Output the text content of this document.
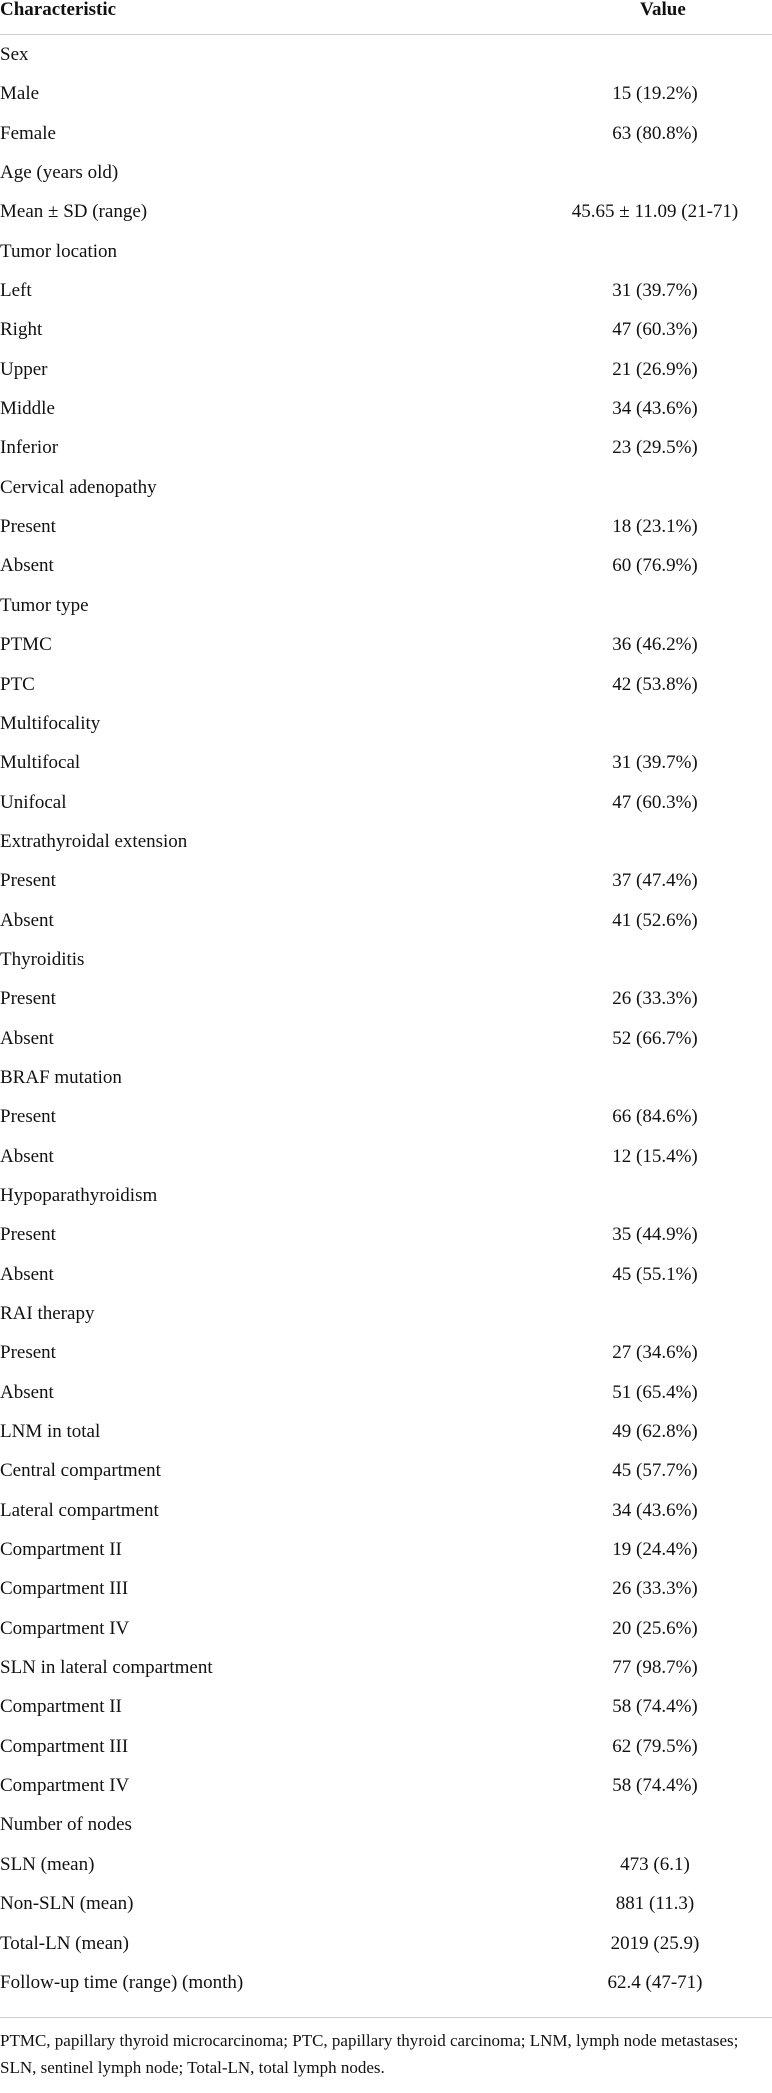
Characteristic	Value
Sex
Male	15 (19.2%)
Female	63 (80.8%)
Age (years old)
Mean ± SD (range)	45.65 ± 11.09 (21-71)
Tumor location
Left	31 (39.7%)
Right	47 (60.3%)
Upper	21 (26.9%)
Middle	34 (43.6%)
Inferior	23 (29.5%)
Cervical adenopathy
Present	18 (23.1%)
Absent	60 (76.9%)
Tumor type
PTMC	36 (46.2%)
PTC	42 (53.8%)
Multifocality
Multifocal	31 (39.7%)
Unifocal	47 (60.3%)
Extrathyroidal extension
Present	37 (47.4%)
Absent	41 (52.6%)
Thyroiditis
Present	26 (33.3%)
Absent	52 (66.7%)
BRAF mutation
Present	66 (84.6%)
Absent	12 (15.4%)
Hypoparathyroidism
Present	35 (44.9%)
Absent	45 (55.1%)
RAI therapy
Present	27 (34.6%)
Absent	51 (65.4%)
LNM in total	49 (62.8%)
Central compartment	45 (57.7%)
Lateral compartment	34 (43.6%)
Compartment II	19 (24.4%)
Compartment III	26 (33.3%)
Compartment IV	20 (25.6%)
SLN in lateral compartment	77 (98.7%)
Compartment II	58 (74.4%)
Compartment III	62 (79.5%)
Compartment IV	58 (74.4%)
Number of nodes
SLN (mean)	473 (6.1)
Non-SLN (mean)	881 (11.3)
Total-LN (mean)	2019 (25.9)
Follow-up time (range) (month)	62.4 (47-71)
PTMC, papillary thyroid microcarcinoma; PTC, papillary thyroid carcinoma; LNM, lymph node metastases; SLN, sentinel lymph node; Total-LN, total lymph nodes.
